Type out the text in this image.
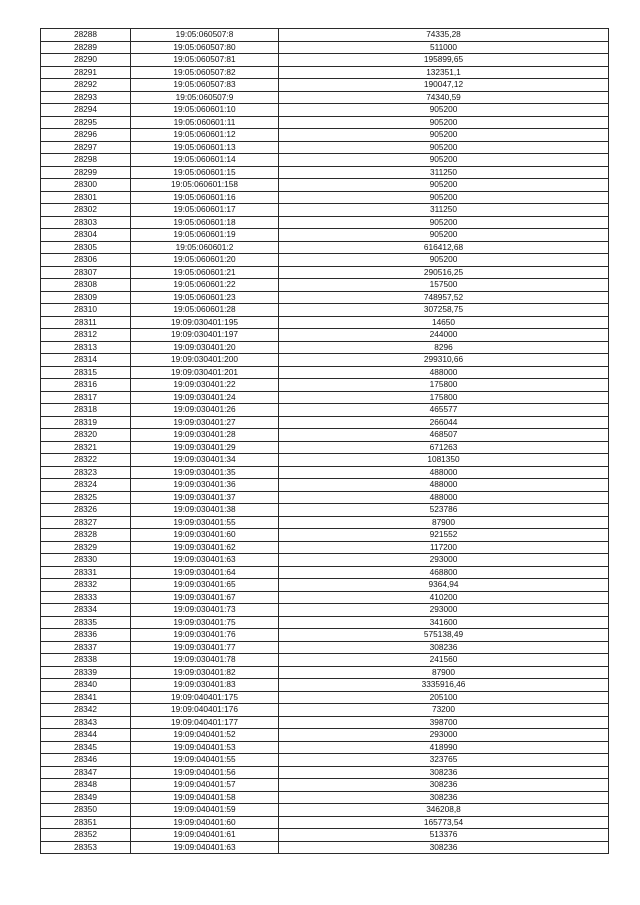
28288	19:05:060507:8	74335,28
28289	19:05:060507:80	511000
28290	19:05:060507:81	195899,65
28291	19:05:060507:82	132351,1
28292	19:05:060507:83	190047,12
28293	19:05:060507:9	74340,59
28294	19:05:060601:10	905200
28295	19:05:060601:11	905200
28296	19:05:060601:12	905200
28297	19:05:060601:13	905200
28298	19:05:060601:14	905200
28299	19:05:060601:15	311250
28300	19:05:060601:158	905200
28301	19:05:060601:16	905200
28302	19:05:060601:17	311250
28303	19:05:060601:18	905200
28304	19:05:060601:19	905200
28305	19:05:060601:2	616412,68
28306	19:05:060601:20	905200
28307	19:05:060601:21	290516,25
28308	19:05:060601:22	157500
28309	19:05:060601:23	748957,52
28310	19:05:060601:28	307258,75
28311	19:09:030401:195	14650
28312	19:09:030401:197	244000
28313	19:09:030401:20	8296
28314	19:09:030401:200	299310,66
28315	19:09:030401:201	488000
28316	19:09:030401:22	175800
28317	19:09:030401:24	175800
28318	19:09:030401:26	465577
28319	19:09:030401:27	266044
28320	19:09:030401:28	468507
28321	19:09:030401:29	671263
28322	19:09:030401:34	1081350
28323	19:09:030401:35	488000
28324	19:09:030401:36	488000
28325	19:09:030401:37	488000
28326	19:09:030401:38	523786
28327	19:09:030401:55	87900
28328	19:09:030401:60	921552
28329	19:09:030401:62	117200
28330	19:09:030401:63	293000
28331	19:09:030401:64	468800
28332	19:09:030401:65	9364,94
28333	19:09:030401:67	410200
28334	19:09:030401:73	293000
28335	19:09:030401:75	341600
28336	19:09:030401:76	575138,49
28337	19:09:030401:77	308236
28338	19:09:030401:78	241560
28339	19:09:030401:82	87900
28340	19:09:030401:83	3335916,46
28341	19:09:040401:175	205100
28342	19:09:040401:176	73200
28343	19:09:040401:177	398700
28344	19:09:040401:52	293000
28345	19:09:040401:53	418990
28346	19:09:040401:55	323765
28347	19:09:040401:56	308236
28348	19:09:040401:57	308236
28349	19:09:040401:58	308236
28350	19:09:040401:59	346208,8
28351	19:09:040401:60	165773,54
28352	19:09:040401:61	513376
28353	19:09:040401:63	308236
